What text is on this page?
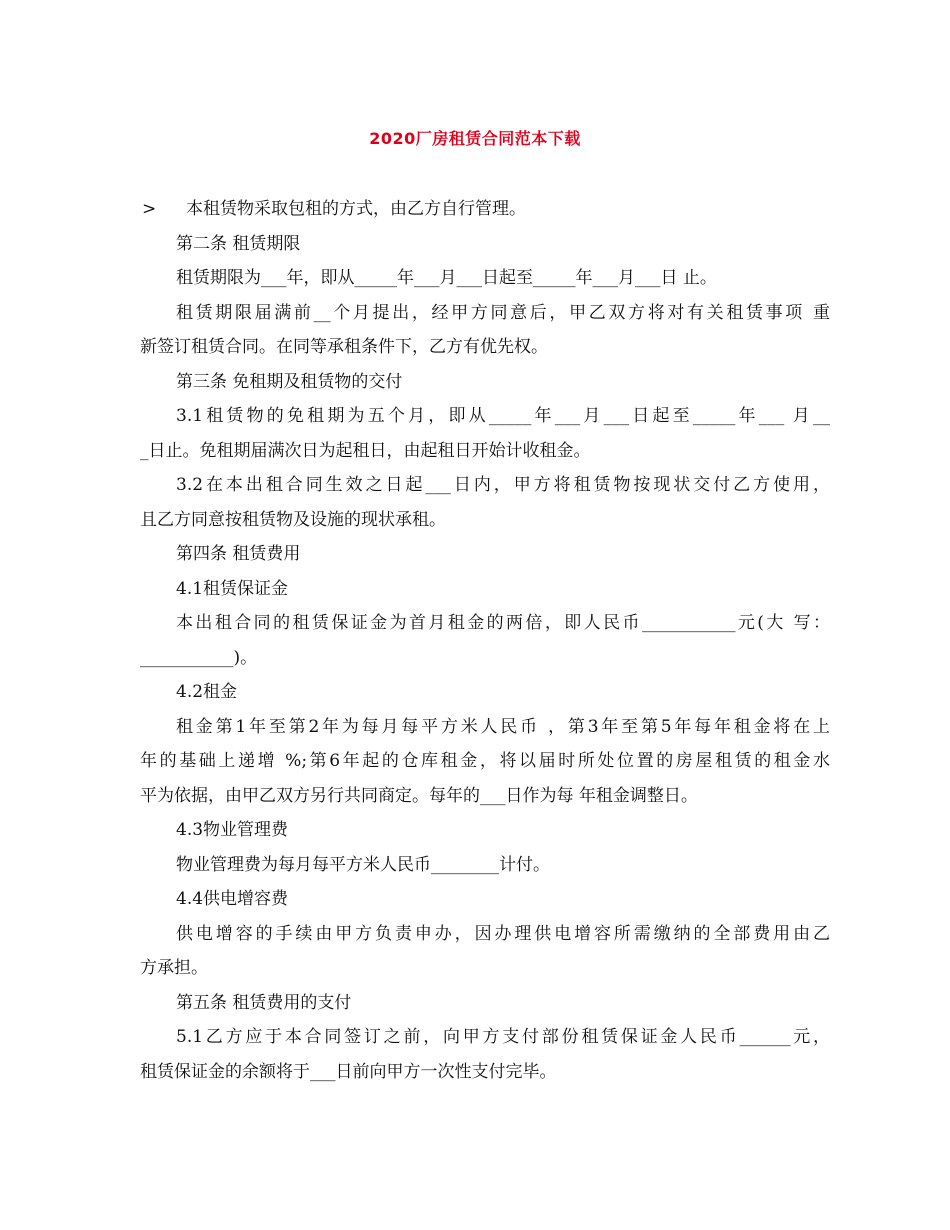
2020厂房租赁合同范本下载
> 本租赁物采取包租的方式，由乙方自行管理。
第二条 租赁期限
租赁期限为___年，即从_____年___月___日起至_____年___月___日 止。
租赁期限届满前__个月提出，经甲方同意后，甲乙双方将对有关租赁事项 重
新签订租赁合同。在同等承租条件下，乙方有优先权。
第三条 免租期及租赁物的交付
3.1租赁物的免租期为五个月，即从_____年___月___日起至_____年___ 月__
_日止。免租期届满次日为起租日，由起租日开始计收租金。
3.2在本出租合同生效之日起___日内，甲方将租赁物按现状交付乙方使用，
且乙方同意按租赁物及设施的现状承租。
第四条 租赁费用
4.1租赁保证金
本出租合同的租赁保证金为首月租金的两倍，即人民币___________元(大 写：
___________)。
4.2租金
租金第1年至第2年为每月每平方米人民币 ，第3年至第5年每年租金将在上
年的基础上递增 %;第6年起的仓库租金，将以届时所处位置的房屋租赁的租金水
平为依据，由甲乙双方另行共同商定。每年的___日作为每 年租金调整日。
4.3物业管理费
物业管理费为每月每平方米人民币________计付。
4.4供电增容费
供电增容的手续由甲方负责申办，因办理供电增容所需缴纳的全部费用由乙
方承担。
第五条 租赁费用的支付
5.1乙方应于本合同签订之前，向甲方支付部份租赁保证金人民币______元，
租赁保证金的余额将于___日前向甲方一次性支付完毕。
